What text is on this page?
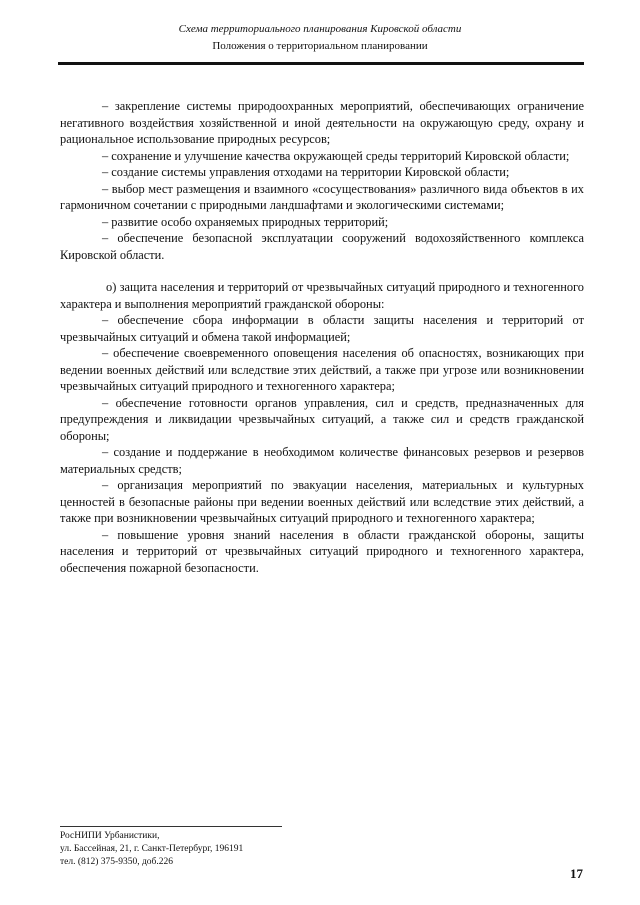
Схема территориального планирования Кировской области
Положения о территориальном планировании

– закрепление системы природоохранных мероприятий, обеспечивающих ограничение негативного воздействия хозяйственной и иной деятельности на окружающую среду, охрану и рациональное использование природных ресурсов;

– сохранение и улучшение качества окружающей среды территорий Кировской области;

– создание системы управления отходами на территории Кировской области;

– выбор мест размещения и взаимного «сосуществования» различного вида объектов в их гармоничном сочетании с природными ландшафтами и экологическими системами;

– развитие особо охраняемых природных территорий;

– обеспечение безопасной эксплуатации сооружений водохозяйственного комплекса Кировской области.

о) защита населения и территорий от чрезвычайных ситуаций природного и техногенного характера и выполнения мероприятий гражданской обороны:

– обеспечение сбора информации в области защиты населения и территорий от чрезвычайных ситуаций и обмена такой информацией;

– обеспечение своевременного оповещения населения об опасностях, возникающих при ведении военных действий или вследствие этих действий, а также при угрозе или возникновении чрезвычайных ситуаций природного и техногенного характера;

– обеспечение готовности органов управления, сил и средств, предназначенных для предупреждения и ликвидации чрезвычайных ситуаций, а также сил и средств гражданской обороны;

– создание и поддержание в необходимом количестве финансовых резервов и резервов материальных средств;

– организация мероприятий по эвакуации населения, материальных и культурных ценностей в безопасные районы при ведении военных действий или вследствие этих действий, а также при возникновении чрезвычайных ситуаций природного и техногенного характера;

– повышение уровня знаний населения в области гражданской обороны, защиты населения и территорий от чрезвычайных ситуаций природного и техногенного характера, обеспечения пожарной безопасности.

РосНИПИ Урбанистики,
ул. Бассейная, 21, г. Санкт-Петербург, 196191
тел. (812) 375-9350, доб.226
17
